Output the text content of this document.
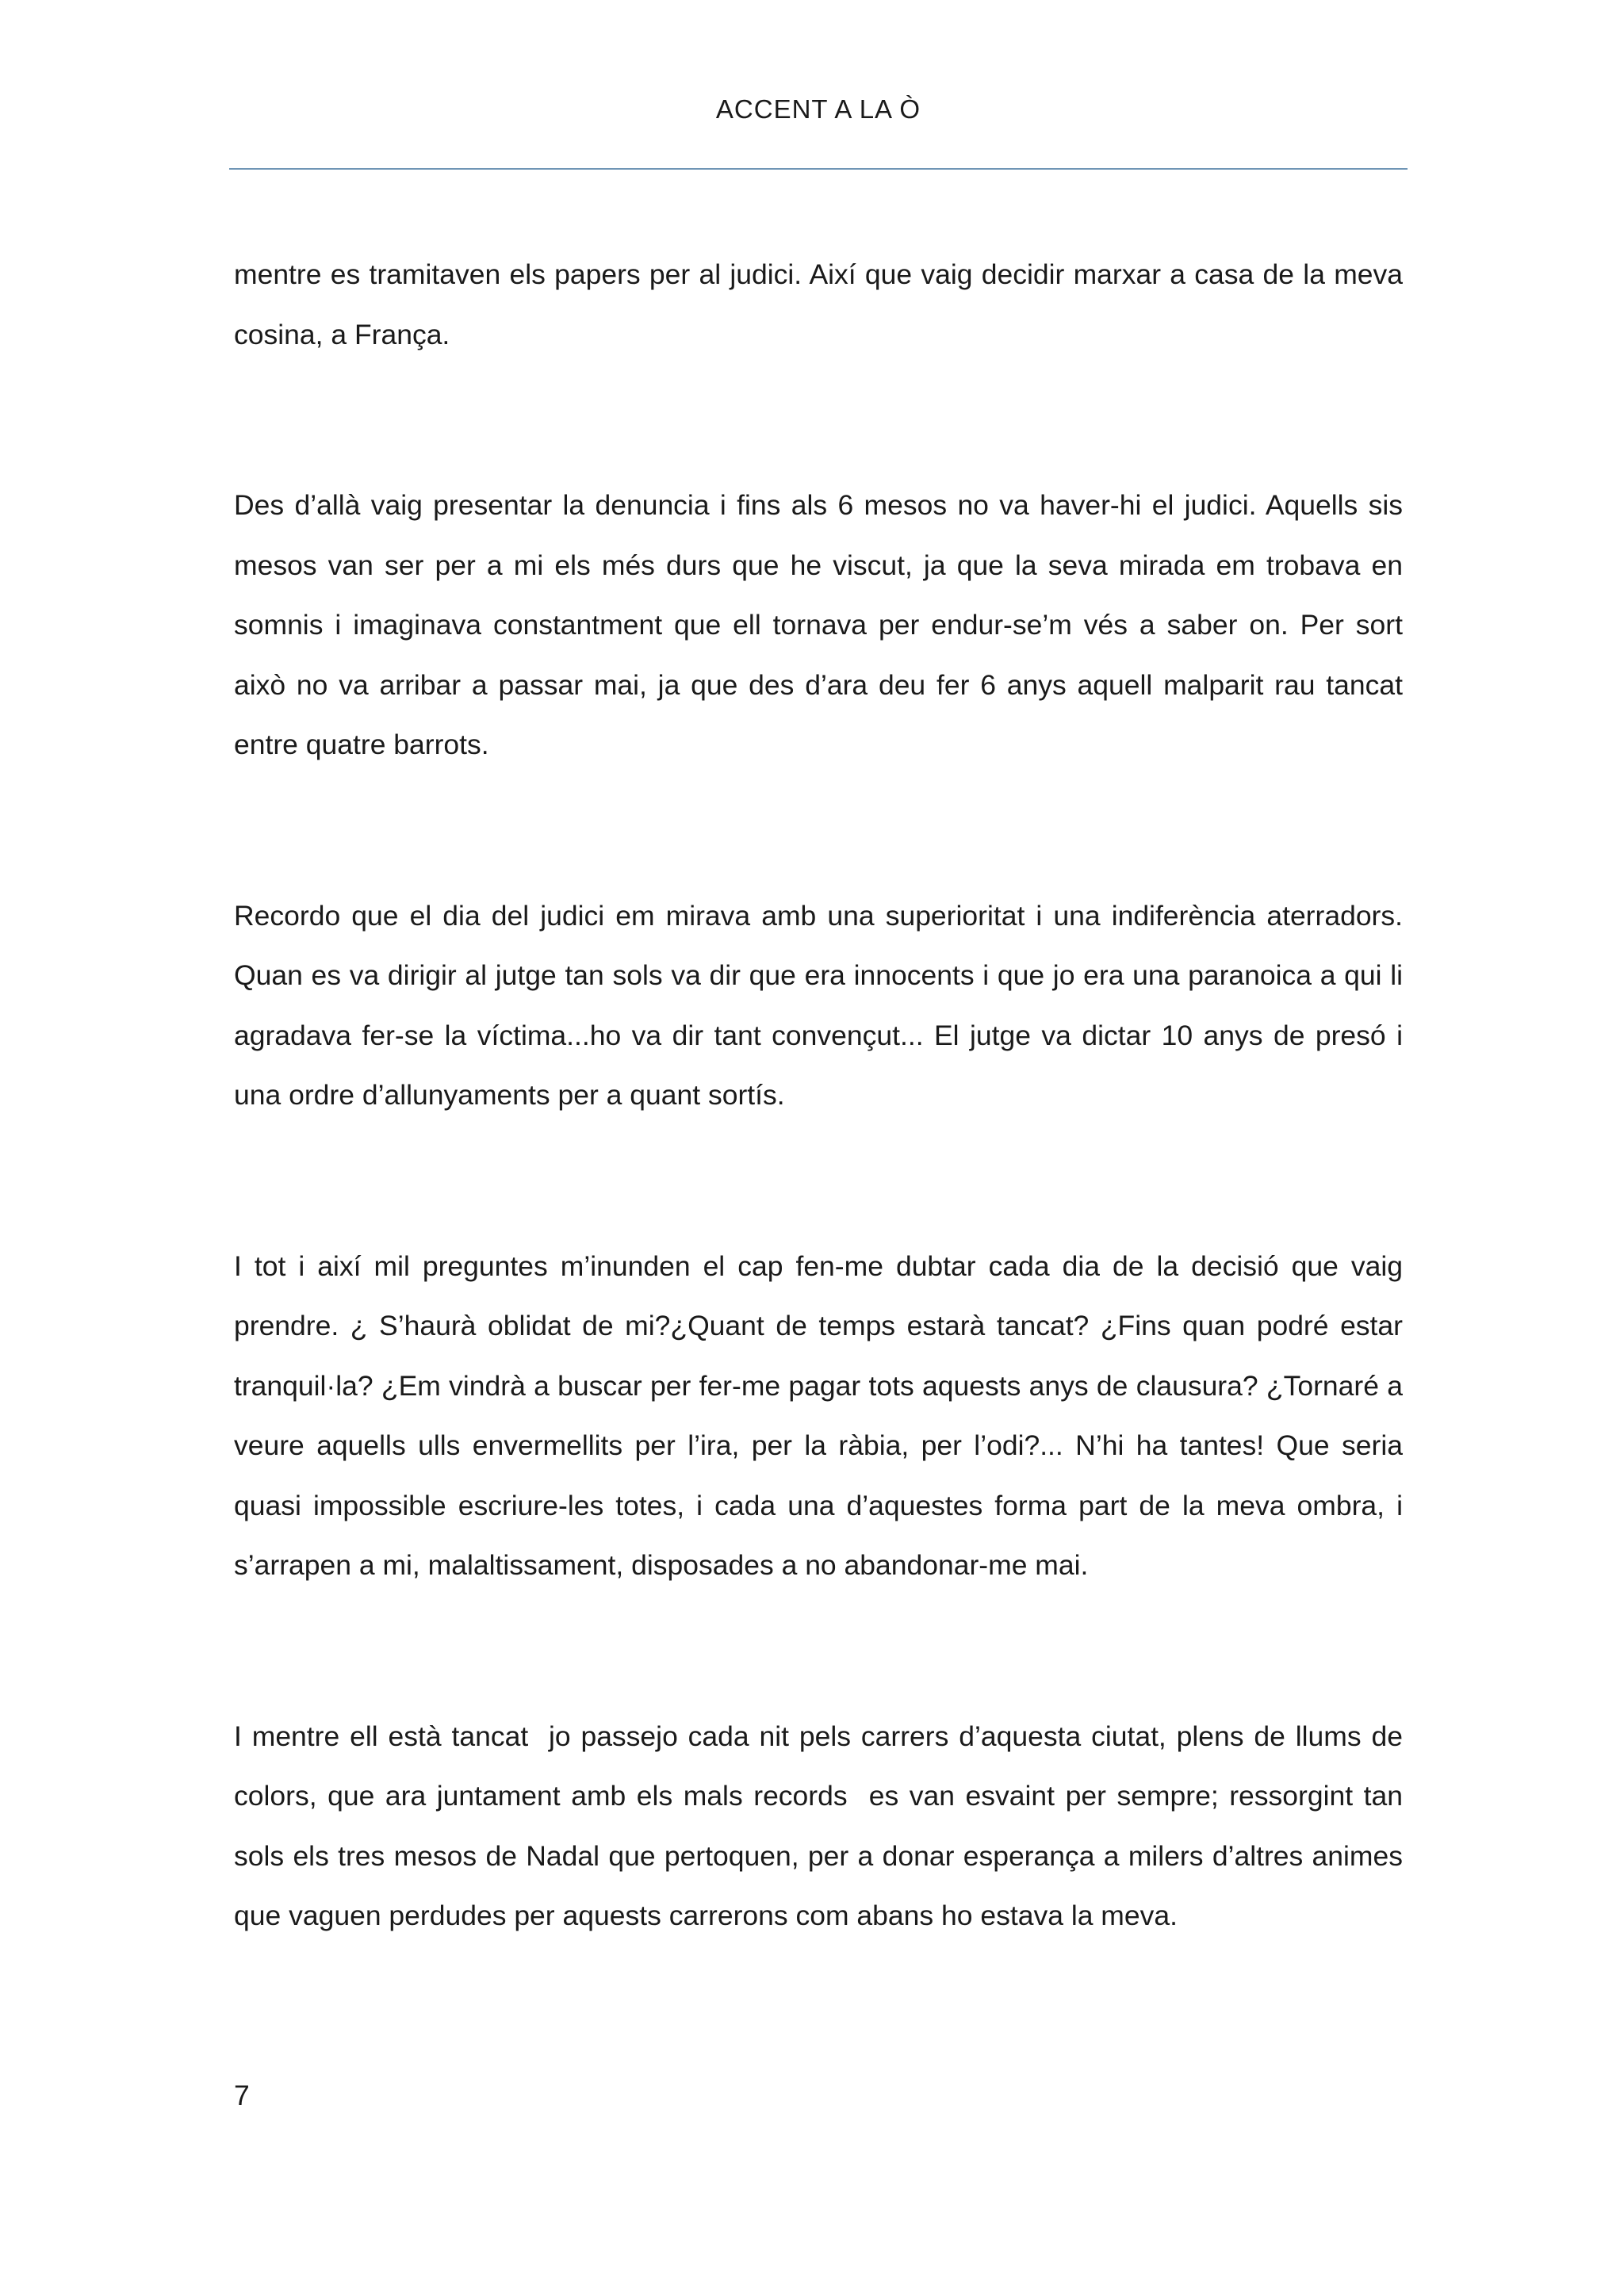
ACCENT A LA Ò

mentre es tramitaven els papers per al judici. Així que vaig decidir marxar a casa de la meva cosina, a França.

Des d’allà vaig presentar la denuncia i fins als 6 mesos no va haver-hi el judici. Aquells sis mesos van ser per a mi els més durs que he viscut, ja que la seva mirada em trobava en somnis i imaginava constantment que ell tornava per endur-se’m vés a saber on. Per sort això no va arribar a passar mai, ja que des d’ara deu fer 6 anys aquell malparit rau tancat entre quatre barrots.

Recordo que el dia del judici em mirava amb una superioritat i una indiferència aterradors. Quan es va dirigir al jutge tan sols va dir que era innocents i que jo era una paranoica a qui li agradava fer-se la víctima...ho va dir tant convençut... El jutge va dictar 10 anys de presó i una ordre d’allunyaments per a quant sortís.

I tot i així mil preguntes m’inunden el cap fen-me dubtar cada dia de la decisió que vaig prendre. ¿ S’haurà oblidat de mi?¿Quant de temps estarà tancat? ¿Fins quan podré estar tranquil·la? ¿Em vindrà a buscar per fer-me pagar tots aquests anys de clausura? ¿Tornaré a veure aquells ulls envermellits per l’ira, per la ràbia, per l’odi?... N’hi ha tantes! Que seria quasi impossible escriure-les totes, i cada una d’aquestes forma part de la meva ombra, i s’arrapen a mi, malaltissament, disposades a no abandonar-me mai.

I mentre ell està tancat  jo passejo cada nit pels carrers d’aquesta ciutat, plens de llums de colors, que ara juntament amb els mals records  es van esvaint per sempre; ressorgint tan sols els tres mesos de Nadal que pertoquen, per a donar esperança a milers d’altres animes que vaguen perdudes per aquests carrerons com abans ho estava la meva.

7
